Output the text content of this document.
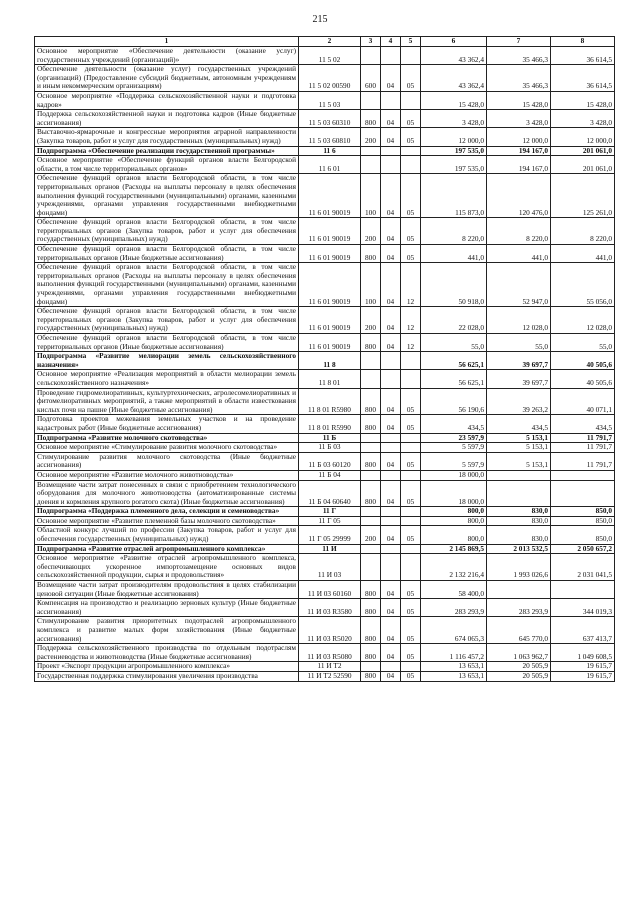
215
1	2	3	4	5	6	7	8
Основное мероприятие «Обеспечение деятельности (оказание услуг) государственных учреждений (организаций)»	11 5 02				43 362,4	35 466,3	36 614,5
Обеспечение деятельности (оказание услуг) государственных учреждений (организаций) (Предоставление субсидий бюджетным, автономным учреждениям и иным некоммерческим организациям)	11 5 02 00590	600	04	05	43 362,4	35 466,3	36 614,5
Основное мероприятие «Поддержка сельскохозяйственной науки и подготовка кадров»	11 5 03				15 428,0	15 428,0	15 428,0
Поддержка сельскохозяйственной науки и подготовка кадров (Иные бюджетные ассигнования)	11 5 03 60310	800	04	05	3 428,0	3 428,0	3 428,0
Выставочно-ярмарочные и конгрессные мероприятия аграрной направленности (Закупка товаров, работ и услуг для государственных (муниципальных) нужд)	11 5 03 60810	200	04	05	12 000,0	12 000,0	12 000,0
Подпрограмма «Обеспечение реализации государственной программы»	11 6				197 535,0	194 167,0	201 061,0
Основное мероприятие «Обеспечение функций органов власти Белгородской области, в том числе территориальных органов»	11 6 01				197 535,0	194 167,0	201 061,0
Обеспечение функций органов власти Белгородской области, в том числе территориальных органов (Расходы на выплаты персоналу в целях обеспечения выполнения функций государственными (муниципальными) органами, казенными учреждениями, органами управления государственными внебюджетными фондами)	11 6 01 90019	100	04	05	115 873,0	120 476,0	125 261,0
Обеспечение функций органов власти Белгородской области, в том числе территориальных органов (Закупка товаров, работ и услуг для обеспечения государственных (муниципальных) нужд)	11 6 01 90019	200	04	05	8 220,0	8 220,0	8 220,0
Обеспечение функций органов власти Белгородской области, в том числе территориальных органов (Иные бюджетные ассигнования)	11 6 01 90019	800	04	05	441,0	441,0	441,0
Обеспечение функций органов власти Белгородской области, в том числе территориальных органов (Расходы на выплаты персоналу в целях обеспечения выполнения функций государственными (муниципальными) органами, казенными учреждениями, органами управления государственными внебюджетными фондами)	11 6 01 90019	100	04	12	50 918,0	52 947,0	55 056,0
Обеспечение функций органов власти Белгородской области, в том числе территориальных органов (Закупка товаров, работ и услуг для обеспечения государственных (муниципальных) нужд)	11 6 01 90019	200	04	12	22 028,0	12 028,0	12 028,0
Обеспечение функций органов власти Белгородской области, в том числе территориальных органов (Иные бюджетные ассигнования)	11 6 01 90019	800	04	12	55,0	55,0	55,0
Подпрограмма «Развитие мелиорации земель сельскохозяйственного назначения»	11 8				56 625,1	39 697,7	40 505,6
Основное мероприятие «Реализация мероприятий в области мелиорации земель сельскохозяйственного назначения»	11 8 01				56 625,1	39 697,7	40 505,6
Проведение гидромелиоративных, культуртехнических, агролесомелиоративных и фитомелиоративных мероприятий, а также мероприятий в области известкования кислых почв на пашне (Иные бюджетные ассигнования)	11 8 01 R5980	800	04	05	56 190,6	39 263,2	40 071,1
Подготовка проектов межевания земельных участков и на проведение кадастровых работ (Иные бюджетные ассигнования)	11 8 01 R5990	800	04	05	434,5	434,5	434,5
Подпрограмма «Развитие молочного скотоводства»	11 Б				23 597,9	5 153,1	11 791,7
Основное мероприятие «Стимулирование развития молочного скотоводства»	11 Б 03				5 597,9	5 153,1	11 791,7
Стимулирование развития молочного скотоводства (Иные бюджетные ассигнования)	11 Б 03 60120	800	04	05	5 597,9	5 153,1	11 791,7
Основное мероприятие «Развитие молочного животноводства»	11 Б 04				18 000,0		
Возмещение части затрат понесенных в связи с приобретением технологического оборудования для молочного животноводства (автоматизированные системы доения и кормления крупного рогатого скота) (Иные бюджетные ассигнования)	11 Б 04 60640	800	04	05	18 000,0		
Подпрограмма «Поддержка племенного дела, селекции и семеноводства»	11 Г				800,0	830,0	850,0
Основное мероприятие «Развитие племенной базы молочного скотоводства»	11 Г 05				800,0	830,0	850,0
Областной конкурс лучший по профессии (Закупка товаров, работ и услуг для обеспечения государственных (муниципальных) нужд)	11 Г 05 29999	200	04	05	800,0	830,0	850,0
Подпрограмма «Развитие отраслей агропромышленного комплекса»	11 И				2 145 869,5	2 013 532,5	2 050 657,2
Основное мероприятие «Развитие отраслей агропромышленного комплекса, обеспечивающих ускоренное импортозамещение основных видов сельскохозяйственной продукции, сырья и продовольствия»	11 И 03				2 132 216,4	1 993 026,6	2 031 041,5
Возмещение части затрат производителям продовольствия в целях стабилизации ценовой ситуации (Иные бюджетные ассигнования)	11 И 03 60160	800	04	05	58 400,0		
Компенсация на производство и реализацию зерновых культур (Иные бюджетные ассигнования)	11 И 03 R3580	800	04	05	283 293,9	283 293,9	344 019,3
Стимулирование развития приоритетных подотраслей агропромышленного комплекса и развитие малых форм хозяйствования (Иные бюджетные ассигнования)	11 И 03 R5020	800	04	05	674 065,3	645 770,0	637 413,7
Поддержка сельскохозяйственного производства по отдельным подотраслям растениеводства и животноводства (Иные бюджетные ассигнования)	11 И 03 R5080	800	04	05	1 116 457,2	1 063 962,7	1 049 608,5
Проект «Экспорт продукции агропромышленного комплекса»	11 И Т2				13 653,1	20 505,9	19 615,7
Государственная поддержка стимулирования увеличения производства	11 И Т2 52590	800	04	05	13 653,1	20 505,9	19 615,7
